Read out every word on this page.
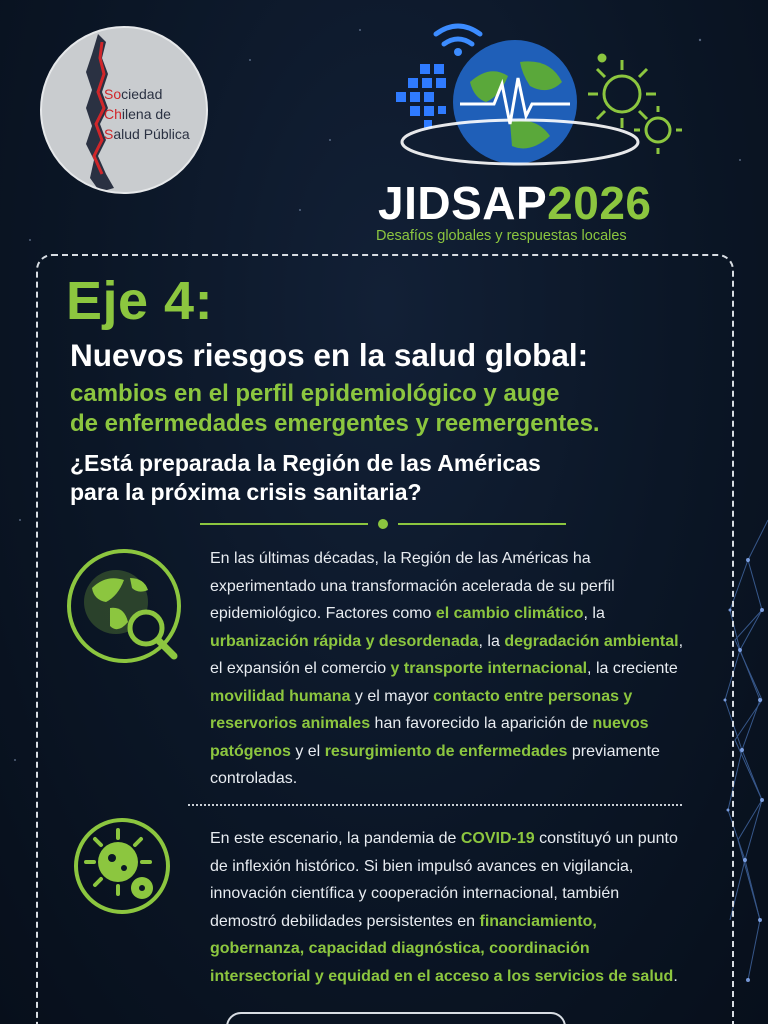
Sociedad
Chilena de
Salud Pública
JIDSAP2026
Desafíos globales y respuestas locales
Eje 4:
Nuevos riesgos en la salud global:
cambios en el perfil epidemiológico y auge
de enfermedades emergentes y reemergentes.
¿Está preparada la Región de las Américas
para la próxima crisis sanitaria?
En las últimas décadas, la Región de las Américas ha experimentado una transformación acelerada de su perfil epidemiológico. Factores como el cambio climático, la urbanización rápida y desordenada, la degradación ambiental, el expansión el comercio y transporte internacional, la creciente movilidad humana y el mayor contacto entre personas y reservorios animales han favorecido la aparición de nuevos patógenos y el resurgimiento de enfermedades previamente controladas.
En este escenario, la pandemia de COVID-19 constituyó un punto de inflexión histórico. Si bien impulsó avances en vigilancia, innovación científica y cooperación internacional, también demostró debilidades persistentes en financiamiento, gobernanza, capacidad diagnóstica, coordinación intersectorial y equidad en el acceso a los servicios de salud.
